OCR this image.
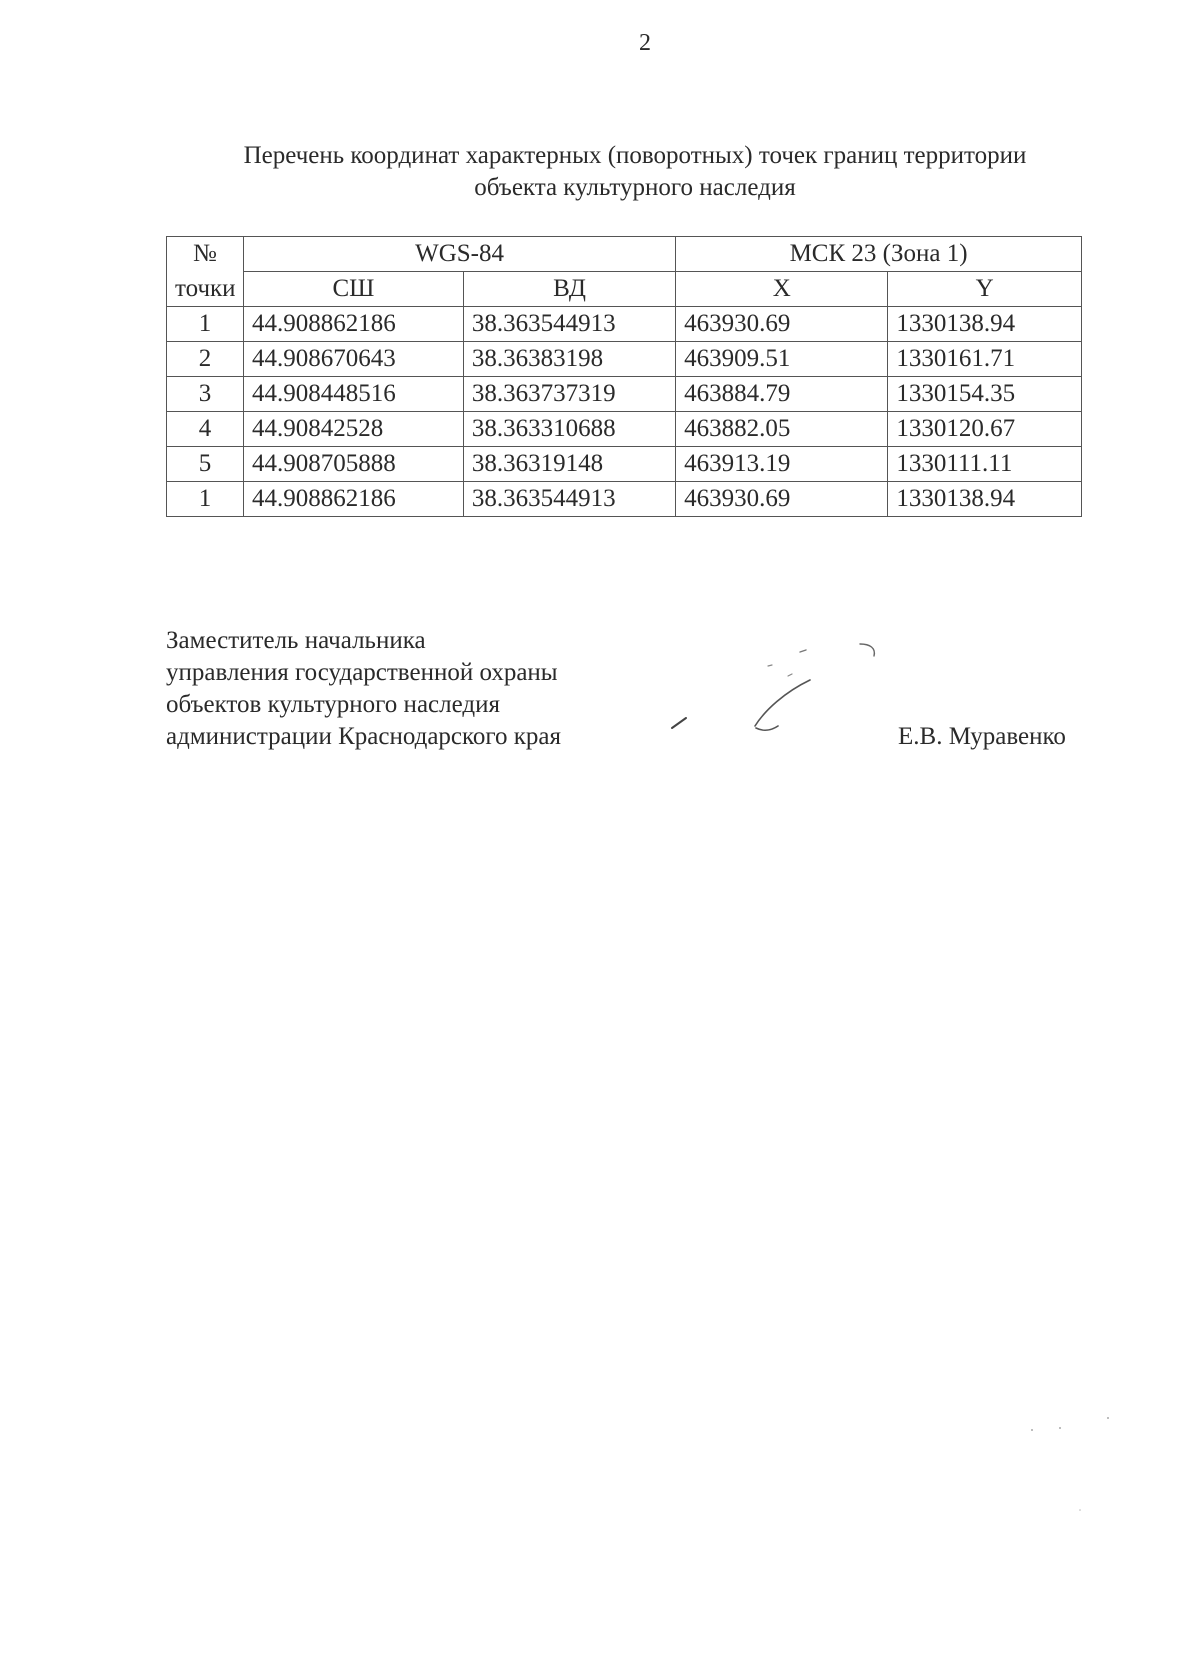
2
Перечень координат характерных (поворотных) точек границ территории
объекта культурного наследия
№	WGS-84		МСК 23 (Зона 1)	
точки	СШ	ВД	X	Y
1	44.908862186	38.363544913	463930.69	1330138.94
2	44.908670643	38.36383198	463909.51	1330161.71
3	44.908448516	38.363737319	463884.79	1330154.35
4	44.90842528	38.363310688	463882.05	1330120.67
5	44.908705888	38.36319148	463913.19	1330111.11
1	44.908862186	38.363544913	463930.69	1330138.94
Заместитель начальника
управления государственной охраны
объектов культурного наследия
администрации Краснодарского края	Е.В. Муравенко
